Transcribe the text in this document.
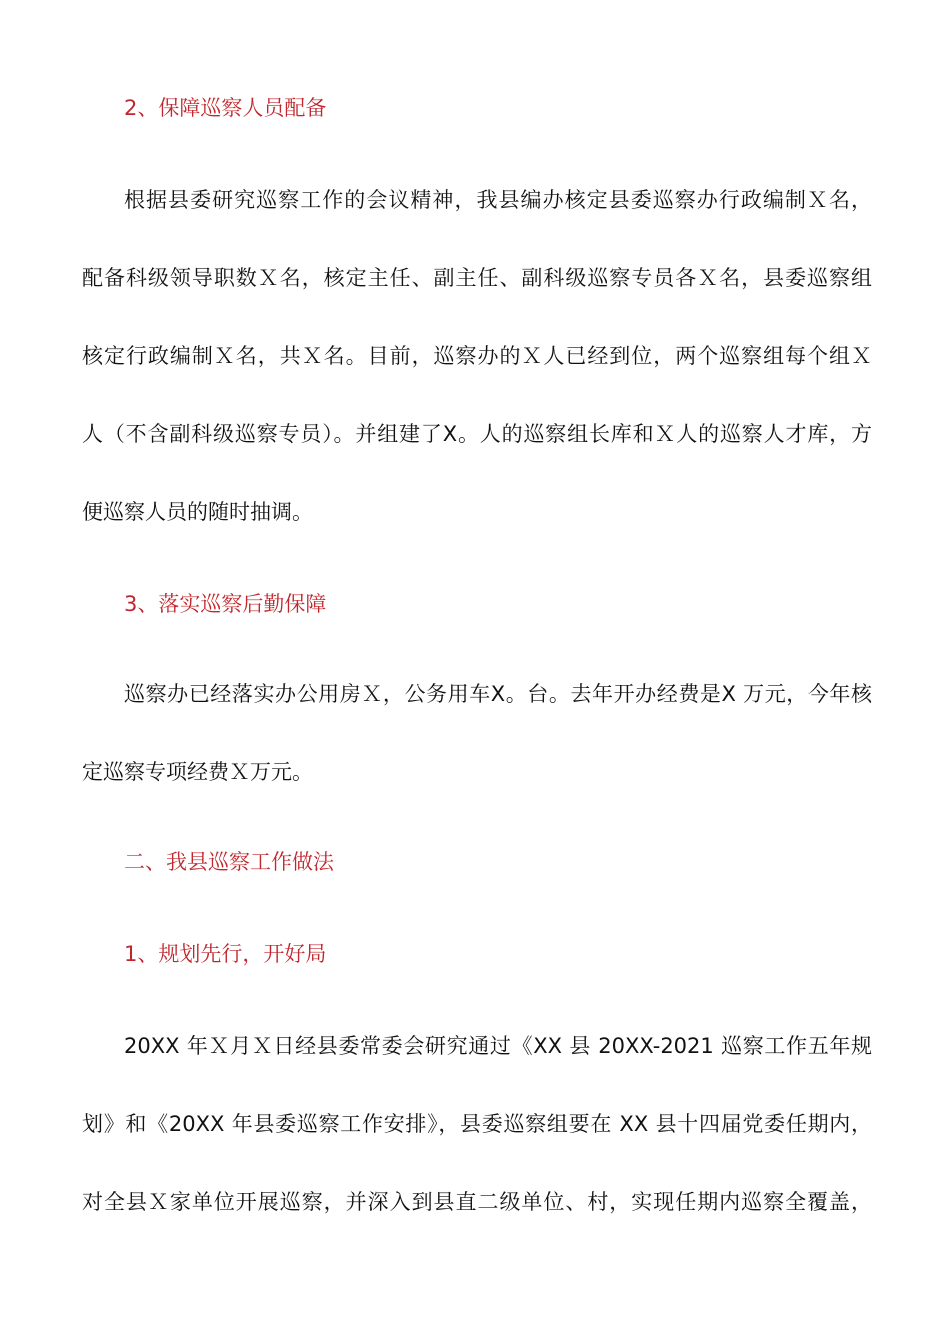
2、保障巡察人员配备
根据县委研究巡察工作的会议精神，我县编办核定县委巡察办行政编制Ｘ名，
配备科级领导职数Ｘ名，核定主任、副主任、副科级巡察专员各Ｘ名，县委巡察组
核定行政编制Ｘ名，共Ｘ名。目前，巡察办的Ｘ人已经到位，两个巡察组每个组Ｘ
人（不含副科级巡察专员）。并组建了X。人的巡察组长库和Ｘ人的巡察人才库，方
便巡察人员的随时抽调。
3、落实巡察后勤保障
巡察办已经落实办公用房Ｘ，公务用车X。台。去年开办经费是X 万元，今年核
定巡察专项经费Ｘ万元。
二、我县巡察工作做法
1、规划先行，开好局
20XX 年Ｘ月Ｘ日经县委常委会研究通过《XX 县 20XX-2021 巡察工作五年规
划》和《20XX 年县委巡察工作安排》，县委巡察组要在 XX 县十四届党委任期内，
对全县Ｘ家单位开展巡察，并深入到县直二级单位、村，实现任期内巡察全覆盖，
